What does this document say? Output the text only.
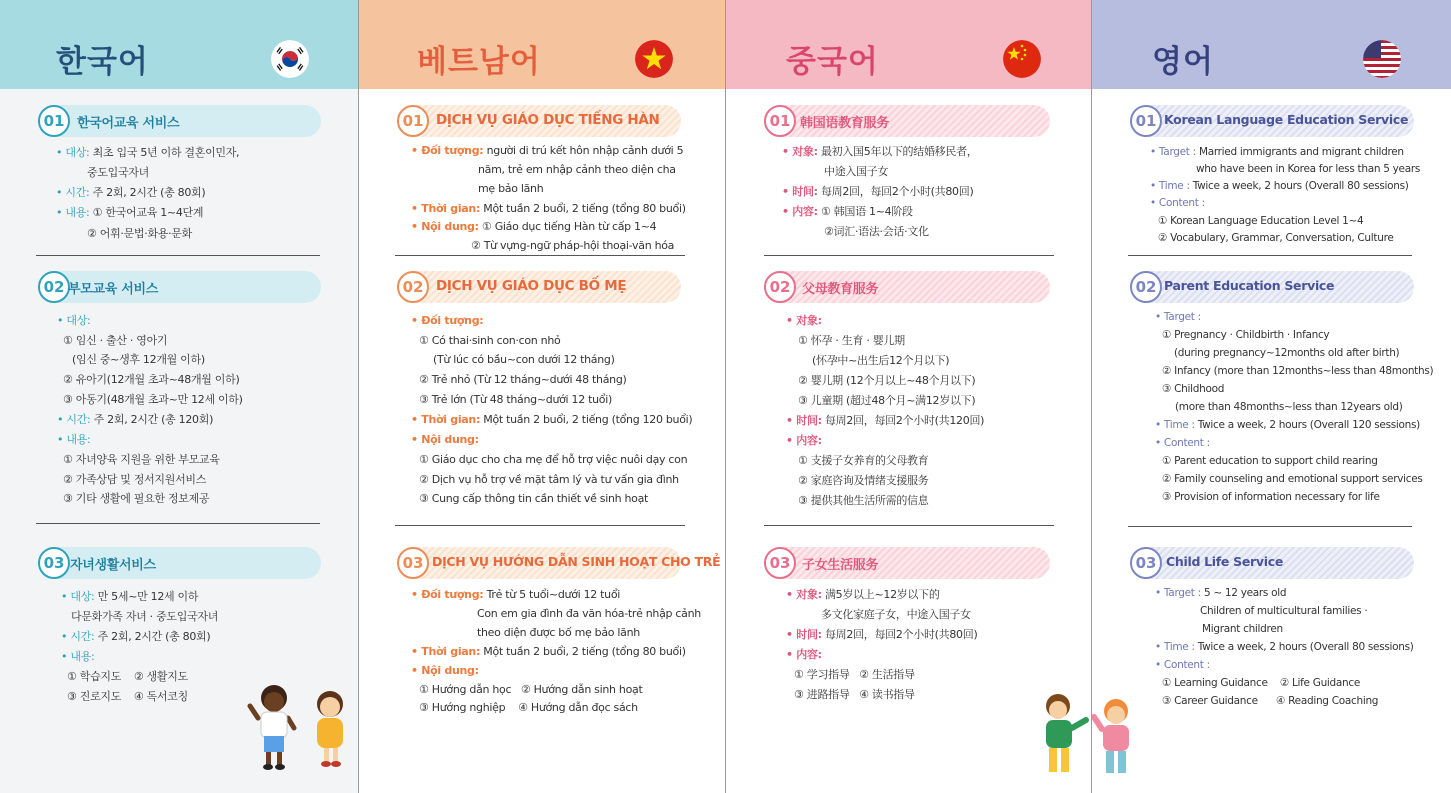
한국어
01 한국어교육 서비스
• 대상: 최초 입국 5년 이하 결혼이민자,
중도입국자녀
• 시간: 주 2회, 2시간 (총 80회)
• 내용: ① 한국어교육 1~4단계
② 어휘·문법·화용·문화
02 부모교육 서비스
• 대상:
① 임신 · 출산 · 영아기
(임신 중~생후 12개월 이하)
② 유아기(12개월 초과~48개월 이하)
③ 아동기(48개월 초과~만 12세 이하)
• 시간: 주 2회, 2시간 (총 120회)
• 내용:
① 자녀양육 지원을 위한 부모교육
② 가족상담 및 정서지원서비스
③ 기타 생활에 필요한 정보제공
03 자녀생활서비스
• 대상: 만 5세~만 12세 이하
다문화가족 자녀 · 중도입국자녀
• 시간: 주 2회, 2시간 (총 80회)
• 내용:
① 학습지도    ② 생활지도
③ 진로지도    ④ 독서코칭
베트남어
01 DỊCH VỤ GIÁO DỤC TIẾNG HÀN
• Đối tượng: người di trú kết hôn nhập cảnh dưới 5
năm, trẻ em nhập cảnh theo diện cha
mẹ bảo lãnh
• Thời gian: Một tuần 2 buổi, 2 tiếng (tổng 80 buổi)
• Nội dung: ① Giáo dục tiếng Hàn từ cấp 1~4
② Từ vựng-ngữ pháp-hội thoại-văn hóa
02 DỊCH VỤ GIÁO DỤC BỐ MẸ
• Đối tượng:
① Có thai·sinh con·con nhỏ
(Từ lúc có bầu~con dưới 12 tháng)
② Trẻ nhỏ (Từ 12 tháng~dưới 48 tháng)
③ Trẻ lớn (Từ 48 tháng~dưới 12 tuổi)
• Thời gian: Một tuần 2 buổi, 2 tiếng (tổng 120 buổi)
• Nội dung:
① Giáo dục cho cha mẹ để hỗ trợ việc nuôi dạy con
② Dịch vụ hỗ trợ về mặt tâm lý và tư vấn gia đình
③ Cung cấp thông tin cần thiết về sinh hoạt
03 DỊCH VỤ HƯỚNG DẪN SINH HOẠT CHO TRẺ
• Đối tượng: Trẻ từ 5 tuổi~dưới 12 tuổi
Con em gia đình đa văn hóa-trẻ nhập cảnh
theo diện được bố mẹ bảo lãnh
• Thời gian: Một tuần 2 buổi, 2 tiếng (tổng 80 buổi)
• Nội dung:
① Hướng dẫn học   ② Hướng dẫn sinh hoạt
③ Hướng nghiệp    ④ Hướng dẫn đọc sách
중국어
01 韩国语教育服务
• 对象: 最初入国5年以下的结婚移民者，
中途入国子女
• 时间: 每周2回，每回2个小时(共80回)
• 内容: ① 韩国语 1~4阶段
②词汇·语法·会话·文化
02 父母教育服务
• 对象:
① 怀孕 · 生育 · 婴儿期
(怀孕中~出生后12个月以下)
② 婴儿期 (12个月以上~48个月以下)
③ 儿童期 (超过48个月~满12岁以下)
• 时间: 每周2回，每回2个小时(共120回)
• 内容:
① 支援子女养育的父母教育
② 家庭咨询及情绪支援服务
③ 提供其他生活所需的信息
03 子女生活服务
• 对象: 满5岁以上~12岁以下的
多文化家庭子女，中途入国子女
• 时间: 每周2回，每回2个小时(共80回)
• 内容:
① 学习指导   ② 生活指导
③ 进路指导   ④ 读书指导
영어
01 Korean Language Education Service
• Target : Married immigrants and migrant children
who have been in Korea for less than 5 years
• Time : Twice a week, 2 hours (Overall 80 sessions)
• Content :
① Korean Language Education Level 1~4
② Vocabulary, Grammar, Conversation, Culture
02 Parent Education Service
• Target :
① Pregnancy · Childbirth · Infancy
(during pregnancy~12months old after birth)
② Infancy (more than 12months~less than 48months)
③ Childhood
(more than 48months~less than 12years old)
• Time : Twice a week, 2 hours (Overall 120 sessions)
• Content :
① Parent education to support child rearing
② Family counseling and emotional support services
③ Provision of information necessary for life
03 Child Life Service
• Target : 5 ~ 12 years old
Children of multicultural families ·
Migrant children
• Time : Twice a week, 2 hours (Overall 80 sessions)
• Content :
① Learning Guidance    ② Life Guidance
③ Career Guidance      ④ Reading Coaching
